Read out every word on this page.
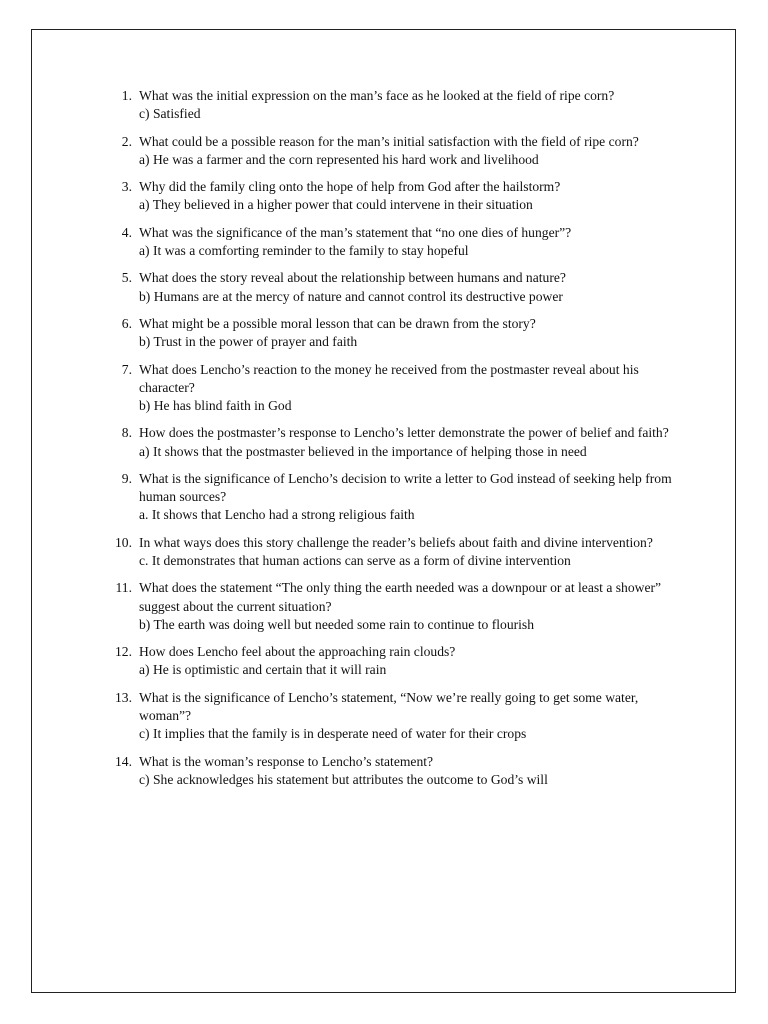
1. What was the initial expression on the man’s face as he looked at the field of ripe corn?
c) Satisfied
2. What could be a possible reason for the man’s initial satisfaction with the field of ripe corn?
a) He was a farmer and the corn represented his hard work and livelihood
3. Why did the family cling onto the hope of help from God after the hailstorm?
a) They believed in a higher power that could intervene in their situation
4. What was the significance of the man’s statement that “no one dies of hunger”?
a) It was a comforting reminder to the family to stay hopeful
5. What does the story reveal about the relationship between humans and nature?
b) Humans are at the mercy of nature and cannot control its destructive power
6. What might be a possible moral lesson that can be drawn from the story?
b) Trust in the power of prayer and faith
7. What does Lencho’s reaction to the money he received from the postmaster reveal about his character?
b) He has blind faith in God
8. How does the postmaster’s response to Lencho’s letter demonstrate the power of belief and faith?
a) It shows that the postmaster believed in the importance of helping those in need
9. What is the significance of Lencho’s decision to write a letter to God instead of seeking help from human sources?
a. It shows that Lencho had a strong religious faith
10. In what ways does this story challenge the reader’s beliefs about faith and divine intervention?
c. It demonstrates that human actions can serve as a form of divine intervention
11. What does the statement “The only thing the earth needed was a downpour or at least a shower” suggest about the current situation?
b) The earth was doing well but needed some rain to continue to flourish
12. How does Lencho feel about the approaching rain clouds?
a) He is optimistic and certain that it will rain
13. What is the significance of Lencho’s statement, “Now we’re really going to get some water, woman”?
c) It implies that the family is in desperate need of water for their crops
14. What is the woman’s response to Lencho’s statement?
c) She acknowledges his statement but attributes the outcome to God’s will
